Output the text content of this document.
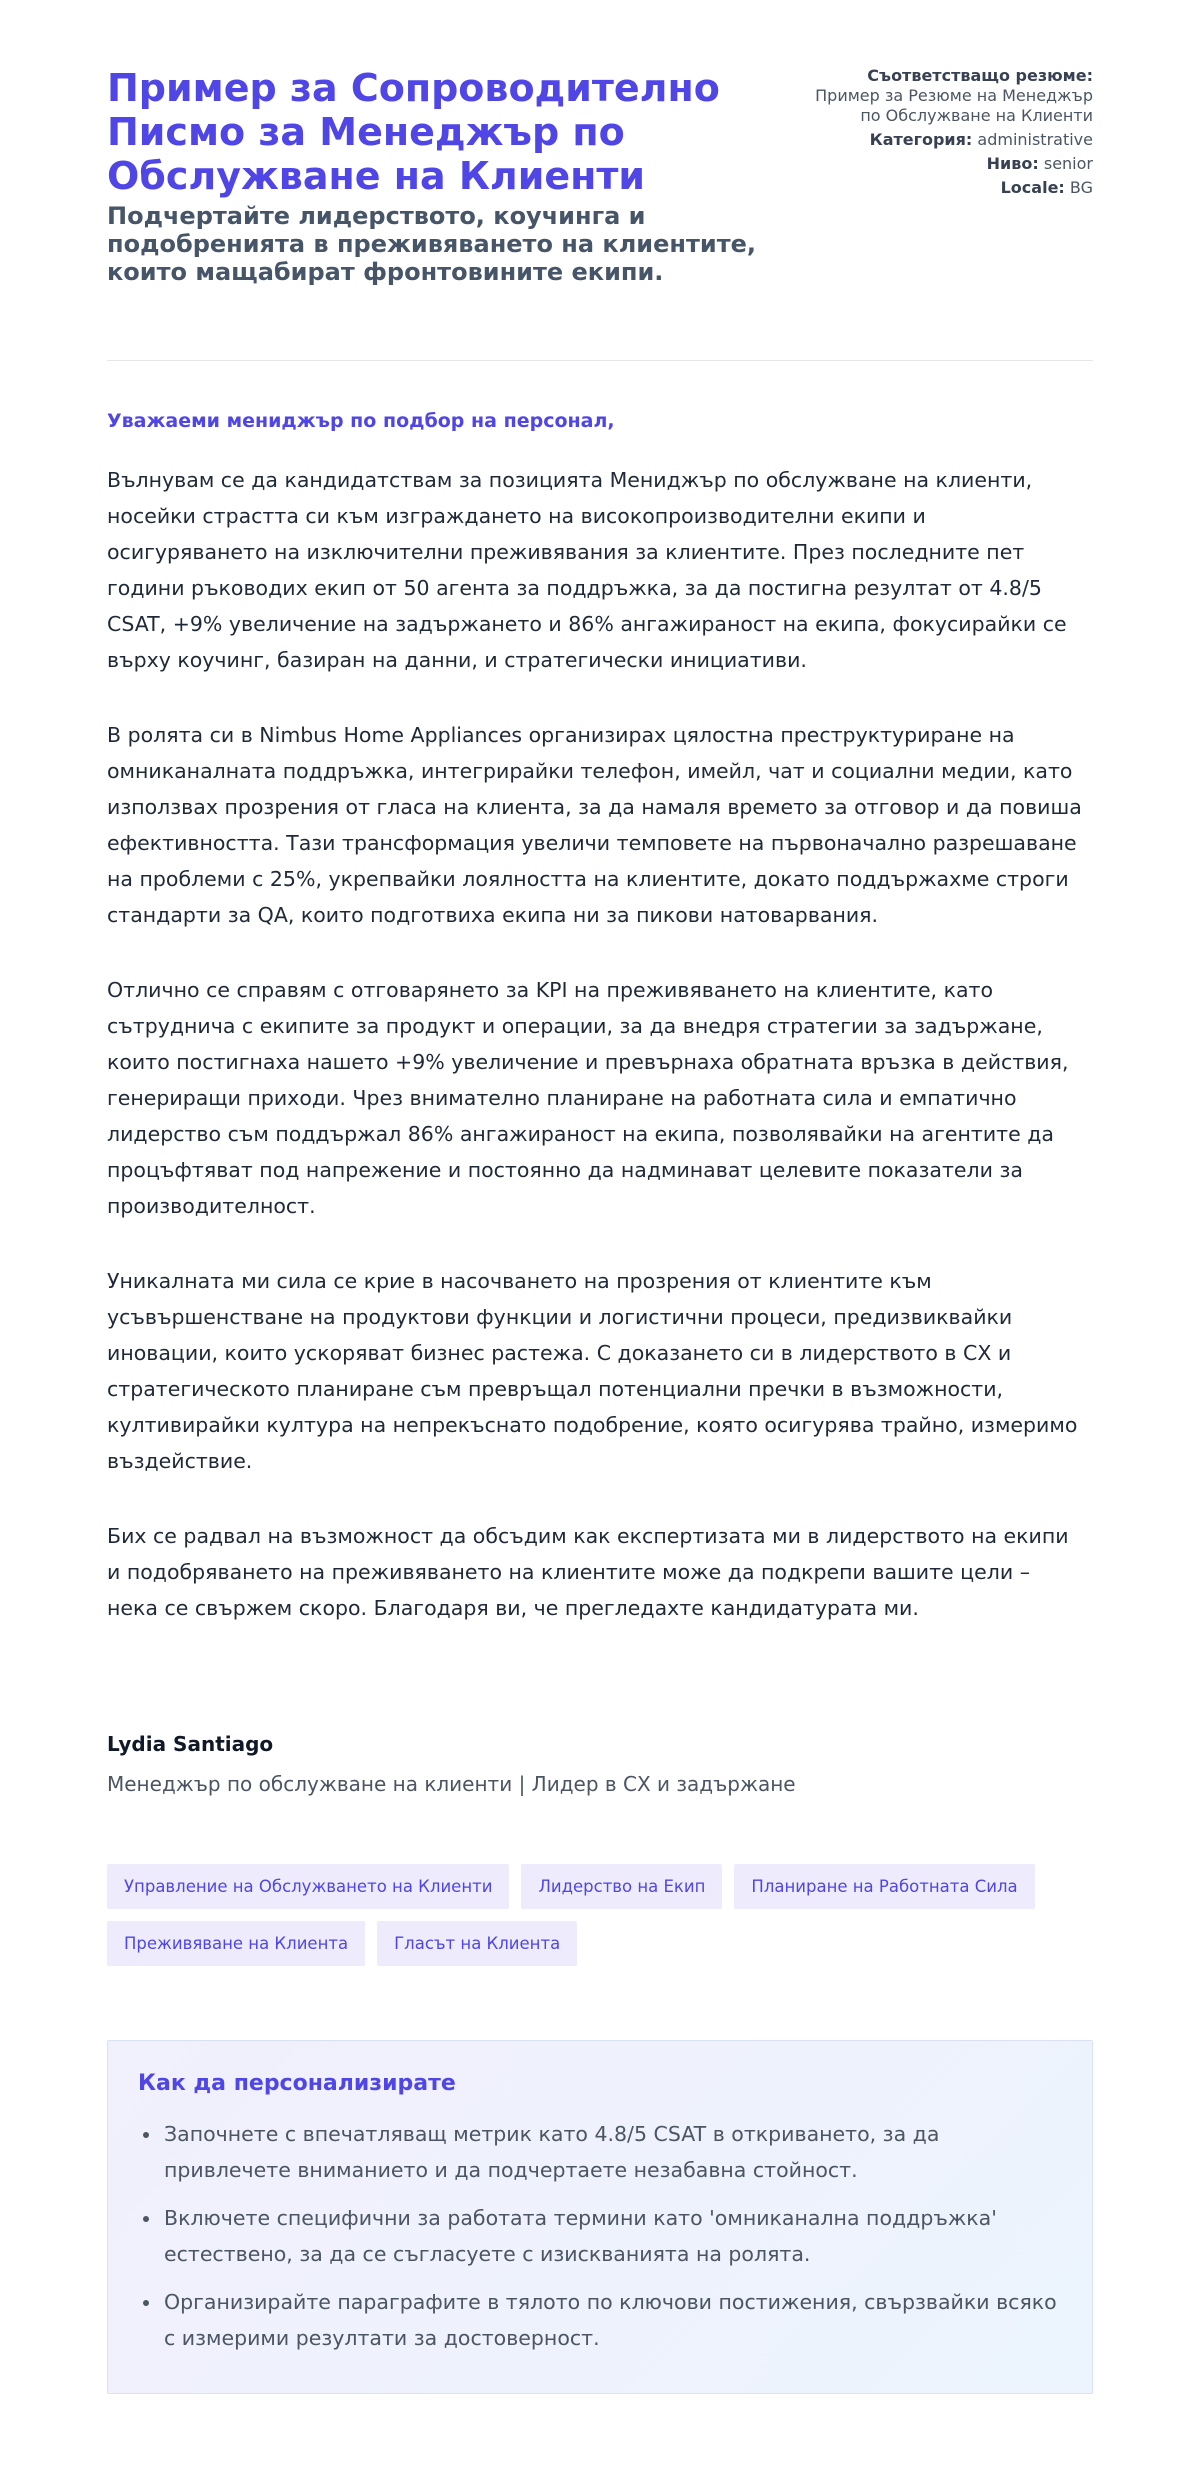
Пример за Сопроводително Писмо за Менеджър по Обслужване на Клиенти

Подчертайте лидерството, коучинга и подобренията в преживяването на клиентите, които мащабират фронтовините екипи.

Съответстващо резюме:
Пример за Резюме на Менеджър по Обслужване на Клиенти
Категория: administrative
Ниво: senior
Locale: BG

Уважаеми мениджър по подбор на персонал,

Вълнувам се да кандидатствам за позицията Мениджър по обслужване на клиенти, носейки страстта си към изграждането на високопроизводителни екипи и осигуряването на изключителни преживявания за клиентите. През последните пет години ръководих екип от 50 агента за поддръжка, за да постигна резултат от 4.8/5 CSAT, +9% увеличение на задържането и 86% ангажираност на екипа, фокусирайки се върху коучинг, базиран на данни, и стратегически инициативи.

В ролята си в Nimbus Home Appliances организирах цялостна преструктуриране на омниканалната поддръжка, интегрирайки телефон, имейл, чат и социални медии, като използвах прозрения от гласа на клиента, за да намаля времето за отговор и да повиша ефективността. Тази трансформация увеличи темповете на първоначално разрешаване на проблеми с 25%, укрепвайки лоялността на клиентите, докато поддържахме строги стандарти за QA, които подготвиха екипа ни за пикови натоварвания.

Отлично се справям с отговарянето за KPI на преживяването на клиентите, като сътруднича с екипите за продукт и операции, за да внедря стратегии за задържане, които постигнаха нашето +9% увеличение и превърнаха обратната връзка в действия, генериращи приходи. Чрез внимателно планиране на работната сила и емпатично лидерство съм поддържал 86% ангажираност на екипа, позволявайки на агентите да процъфтяват под напрежение и постоянно да надминават целевите показатели за производителност.

Уникалната ми сила се крие в насочването на прозрения от клиентите към усъвършенстване на продуктови функции и логистични процеси, предизвиквайки иновации, които ускоряват бизнес растежа. С доказането си в лидерството в CX и стратегическото планиране съм превръщал потенциални пречки в възможности, култивирайки култура на непрекъснато подобрение, която осигурява трайно, измеримо въздействие.

Бих се радвал на възможност да обсъдим как експертизата ми в лидерството на екипи и подобряването на преживяването на клиентите може да подкрепи вашите цели – нека се свържем скоро. Благодаря ви, че прегледахте кандидатурата ми.

Lydia Santiago

Менеджър по обслужване на клиенти | Лидер в CX и задържане

Управление на Обслужването на Клиенти	Лидерство на Екип	Планиране на Работната Сила
Преживяване на Клиента	Гласът на Клиента
Как да персонализирате
• Започнете с впечатляващ метрик като 4.8/5 CSAT в откриването, за да привлечете вниманието и да подчертаете незабавна стойност.
• Включете специфични за работата термини като 'омниканална поддръжка' естествено, за да се съгласуете с изискванията на ролята.
• Организирайте параграфите в тялото по ключови постижения, свързвайки всяко с измерими резултати за достоверност.
